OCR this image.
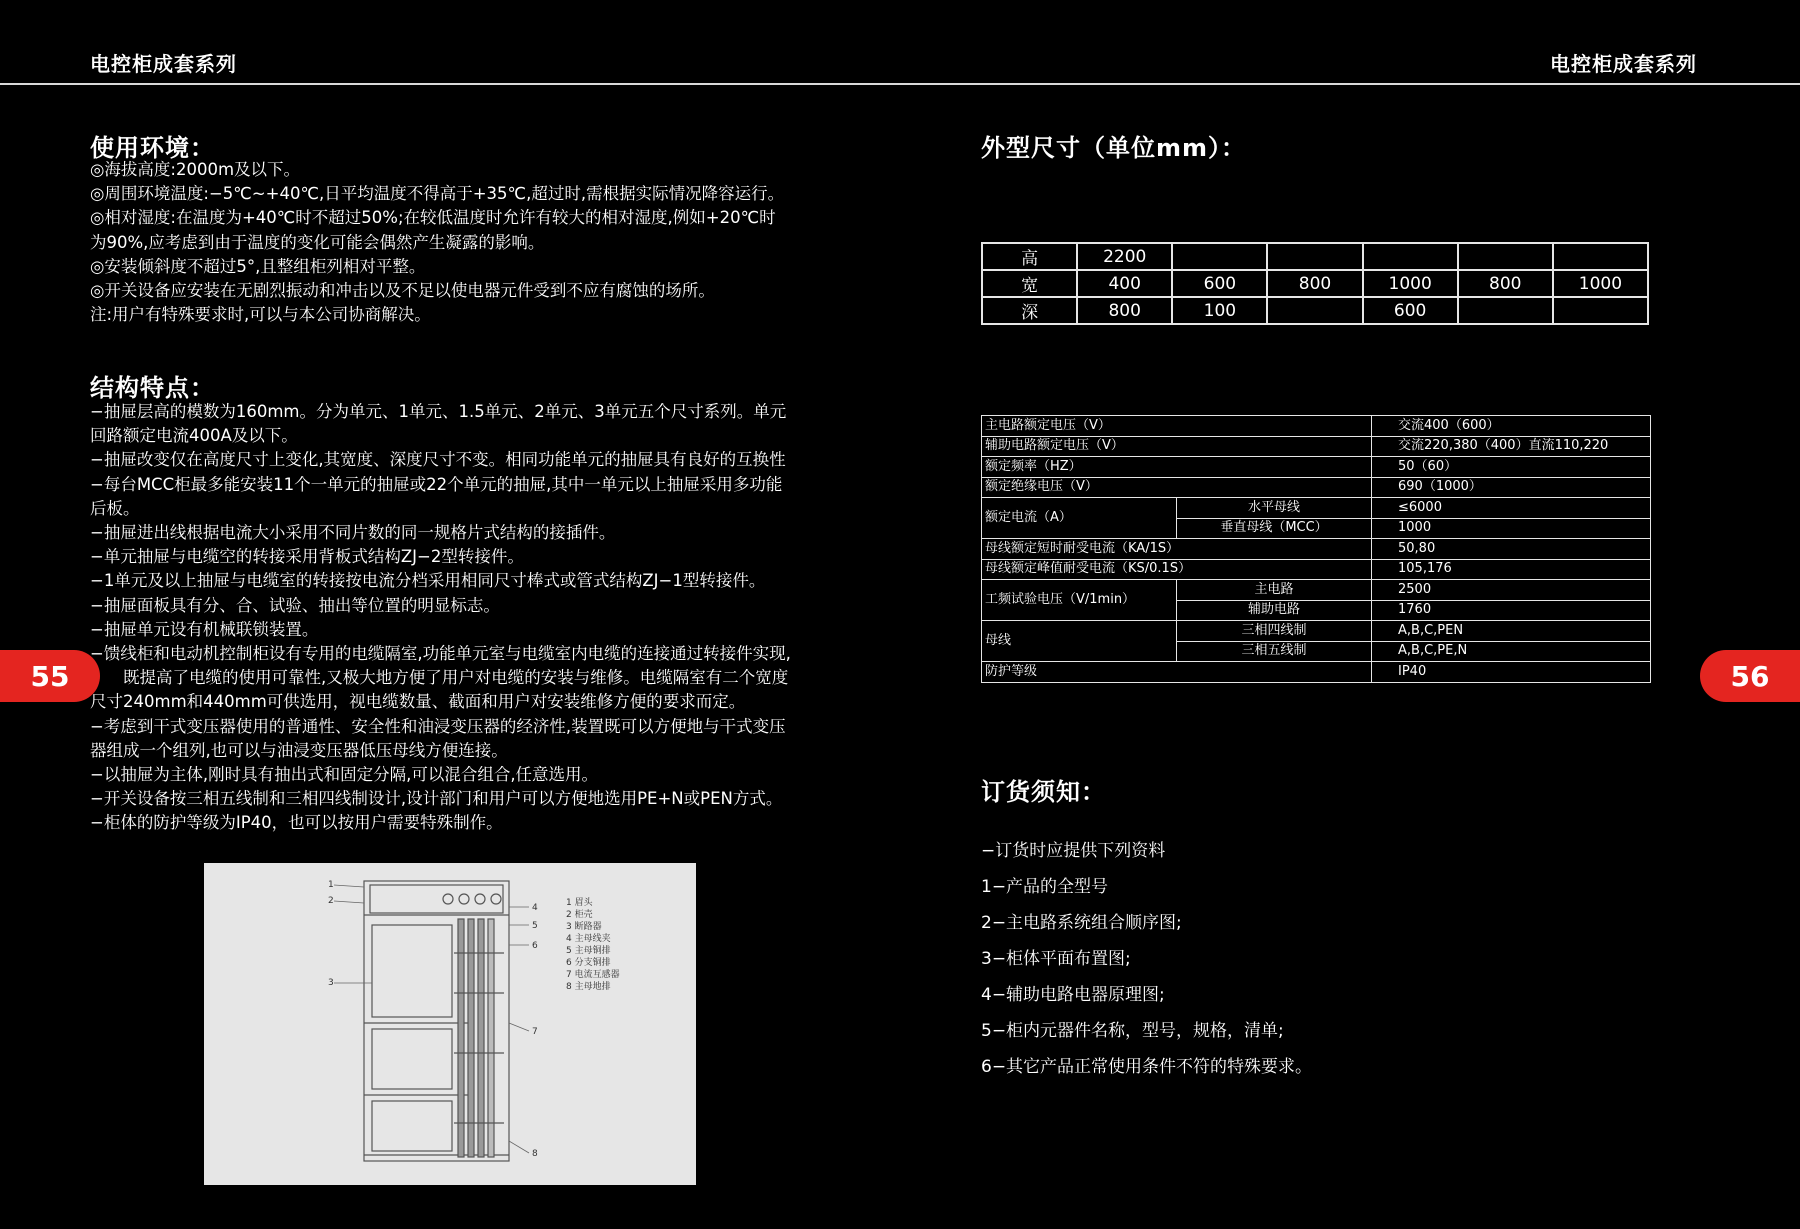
电控柜成套系列	电控柜成套系列
55	56
使用环境：
◎海拔高度:2000m及以下。
◎周围环境温度:−5℃~+40℃,日平均温度不得高于+35℃,超过时,需根据实际情况降容运行。
◎相对湿度:在温度为+40℃时不超过50%;在较低温度时允许有较大的相对湿度,例如+20℃时
为90%,应考虑到由于温度的变化可能会偶然产生凝露的影响。
◎安装倾斜度不超过5°,且整组柜列相对平整。
◎开关设备应安装在无剧烈振动和冲击以及不足以使电器元件受到不应有腐蚀的场所。
注:用户有特殊要求时,可以与本公司协商解决。
结构特点：
−抽屉层高的模数为160mm。分为单元、1单元、1.5单元、2单元、3单元五个尺寸系列。单元
回路额定电流400A及以下。
−抽屉改变仅在高度尺寸上变化,其宽度、深度尺寸不变。相同功能单元的抽屉具有良好的互换性
−每台MCC柜最多能安装11个一单元的抽屉或22个单元的抽屉,其中一单元以上抽屉采用多功能
后板。
−抽屉进出线根据电流大小采用不同片数的同一规格片式结构的接插件。
−单元抽屉与电缆空的转接采用背板式结构ZJ−2型转接件。
−1单元及以上抽屉与电缆室的转接按电流分档采用相同尺寸棒式或管式结构ZJ−1型转接件。
−抽屉面板具有分、合、试验、抽出等位置的明显标志。
−抽屉单元设有机械联锁装置。
−馈线柜和电动机控制柜设有专用的电缆隔室,功能单元室与电缆室内电缆的连接通过转接件实现,
　　既提高了电缆的使用可靠性,又极大地方便了用户对电缆的安装与维修。电缆隔室有二个宽度
尺寸240mm和440mm可供选用，视电缆数量、截面和用户对安装维修方便的要求而定。
−考虑到干式变压器使用的普通性、安全性和油浸变压器的经济性,装置既可以方便地与干式变压
器组成一个组列,也可以与油浸变压器低压母线方便连接。
−以抽屉为主体,刚时具有抽出式和固定分隔,可以混合组合,任意选用。
−开关设备按三相五线制和三相四线制设计,设计部门和用户可以方便地选用PE+N或PEN方式。
−柜体的防护等级为IP40，也可以按用户需要特殊制作。
1
2
3
4
5
6
7
8
1 眉头
2 柜壳
3 断路器
4 主母线夹
5 主母铜排
6 分支铜排
7 电流互感器
8 主母地排
外型尺寸（单位mm）：
高	2200					
宽	400	600	800	1000	800	1000
深	800	100		600		
主电路额定电压（V）		交流400（600）
辅助电路额定电压（V）		交流220,380（400）直流110,220
额定频率（HZ）		50（60）
额定绝缘电压（V）		690（1000）
额定电流（A）	水平母线	≤6000
	垂直母线（MCC）	1000
母线额定短时耐受电流（KA/1S）		50,80
母线额定峰值耐受电流（KS/0.1S）		105,176
工频试验电压（V/1min）	主电路	2500
	辅助电路	1760
母线	三相四线制	A,B,C,PEN
	三相五线制	A,B,C,PE,N
防护等级		IP40
订货须知：
−订货时应提供下列资料
1−产品的全型号
2−主电路系统组合顺序图;
3−柜体平面布置图;
4−辅助电路电器原理图;
5−柜内元器件名称，型号，规格，清单;
6−其它产品正常使用条件不符的特殊要求。
